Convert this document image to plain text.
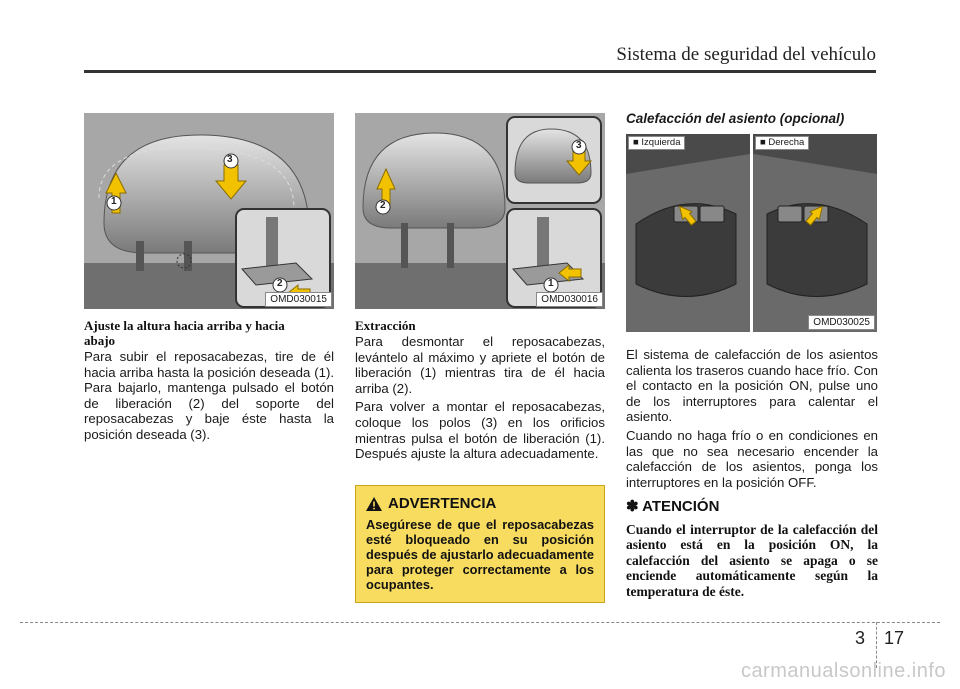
Sistema de seguridad del vehículo
3
1
2
OMD030015
3
2
1
OMD030016
■ Izquierda	■ Derecha
OMD030025
Ajuste la altura hacia arriba y hacia abajo

Para subir el reposacabezas, tire de él hacia arriba hasta la posición deseada (1). Para bajarlo, mantenga pulsado el botón de liberación (2) del soporte del reposacabezas y baje éste hasta la posición deseada (3).

Extracción

Para desmontar el reposacabezas, levántelo al máximo y apriete el botón de liberación (1) mientras tira de él hacia arriba (2).

Para volver a montar el reposacabezas, coloque los polos (3) en los orificios mientras pulsa el botón de liberación (1). Después ajuste la altura adecuadamente.

ADVERTENCIA
Asegúrese de que el reposacabezas esté bloqueado en su posición después de ajustarlo adecuadamente para proteger correctamente a los ocupantes.
Calefacción del asiento (opcional)

El sistema de calefacción de los asientos calienta los traseros cuando hace frío. Con el contacto en la posición ON, pulse uno de los interruptores para calentar el asiento.

Cuando no haga frío o en condiciones en las que no sea necesario encender la calefacción de los asientos, ponga los interruptores en la posición OFF.

✽ ATENCIÓN
Cuando el interruptor de la calefacción del asiento está en la posición ON, la calefacción del asiento se apaga o se enciende automáticamente según la temperatura de éste.
3 17
carmanualsonline.info
